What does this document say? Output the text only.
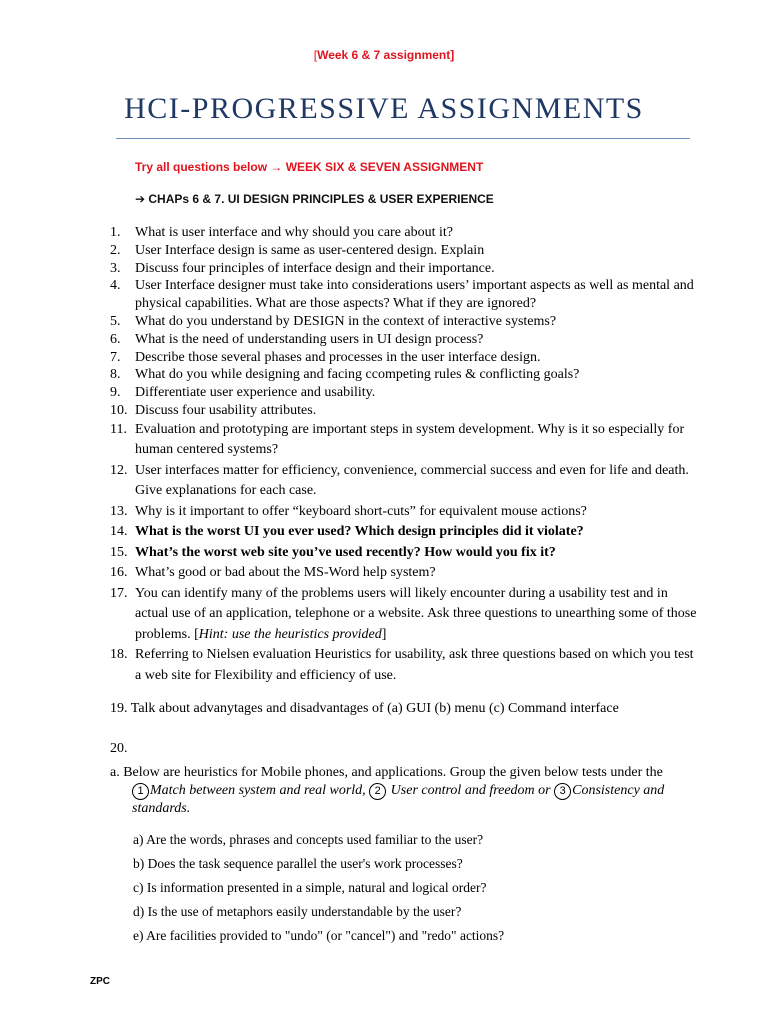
[Week 6 & 7 assignment]
HCI-PROGRESSIVE ASSIGNMENTS
Try all questions below → WEEK SIX & SEVEN ASSIGNMENT
➔ CHAPs 6 & 7. UI DESIGN PRINCIPLES & USER EXPERIENCE
1.	What is user interface and why should you care about it?
2.	User Interface design is same as user-centered design. Explain
3.	Discuss four principles of interface design and their importance.
4.	User Interface designer must take into considerations users’ important aspects as well as mental and physical capabilities. What are those aspects? What if they are ignored?
5.	What do you understand by DESIGN in the context of interactive systems?
6.	What is the need of understanding users in UI design process?
7.	Describe those several phases and processes in the user interface design.
8.	What do you while designing and facing ccompeting rules & conflicting goals?
9.	Differentiate user experience and usability.
10. Discuss four usability attributes.
11. Evaluation and prototyping are important steps in system development. Why is it so especially for human centered systems?
12. User interfaces matter for efficiency, convenience, commercial success and even for life and death. Give explanations for each case.
13. Why is it important to offer “keyboard short-cuts” for equivalent mouse actions?
14. What is the worst UI you ever used? Which design principles did it violate?
15. What’s the worst web site you’ve used recently? How would you fix it?
16. What’s good or bad about the MS-Word help system?
17. You can identify many of the problems users will likely encounter during a usability test and in actual use of an application, telephone or a website. Ask three questions to unearthing some of those problems. [Hint: use the heuristics provided]
18. Referring to Nielsen evaluation Heuristics for usability, ask three questions based on which you test a web site for Flexibility and efficiency of use.
19. Talk about advanytages and disadvantages of (a) GUI (b) menu (c) Command interface
20.
a. Below are heuristics for Mobile phones, and applications. Group the given below tests under the
1 Match between system and real world, 2 User control and freedom or 3 Consistency and standards.
a) Are the words, phrases and concepts used familiar to the user?
b) Does the task sequence parallel the user's work processes?
c) Is information presented in a simple, natural and logical order?
d) Is the use of metaphors easily understandable by the user?
e) Are facilities provided to "undo" (or "cancel") and "redo" actions?
ZPC
